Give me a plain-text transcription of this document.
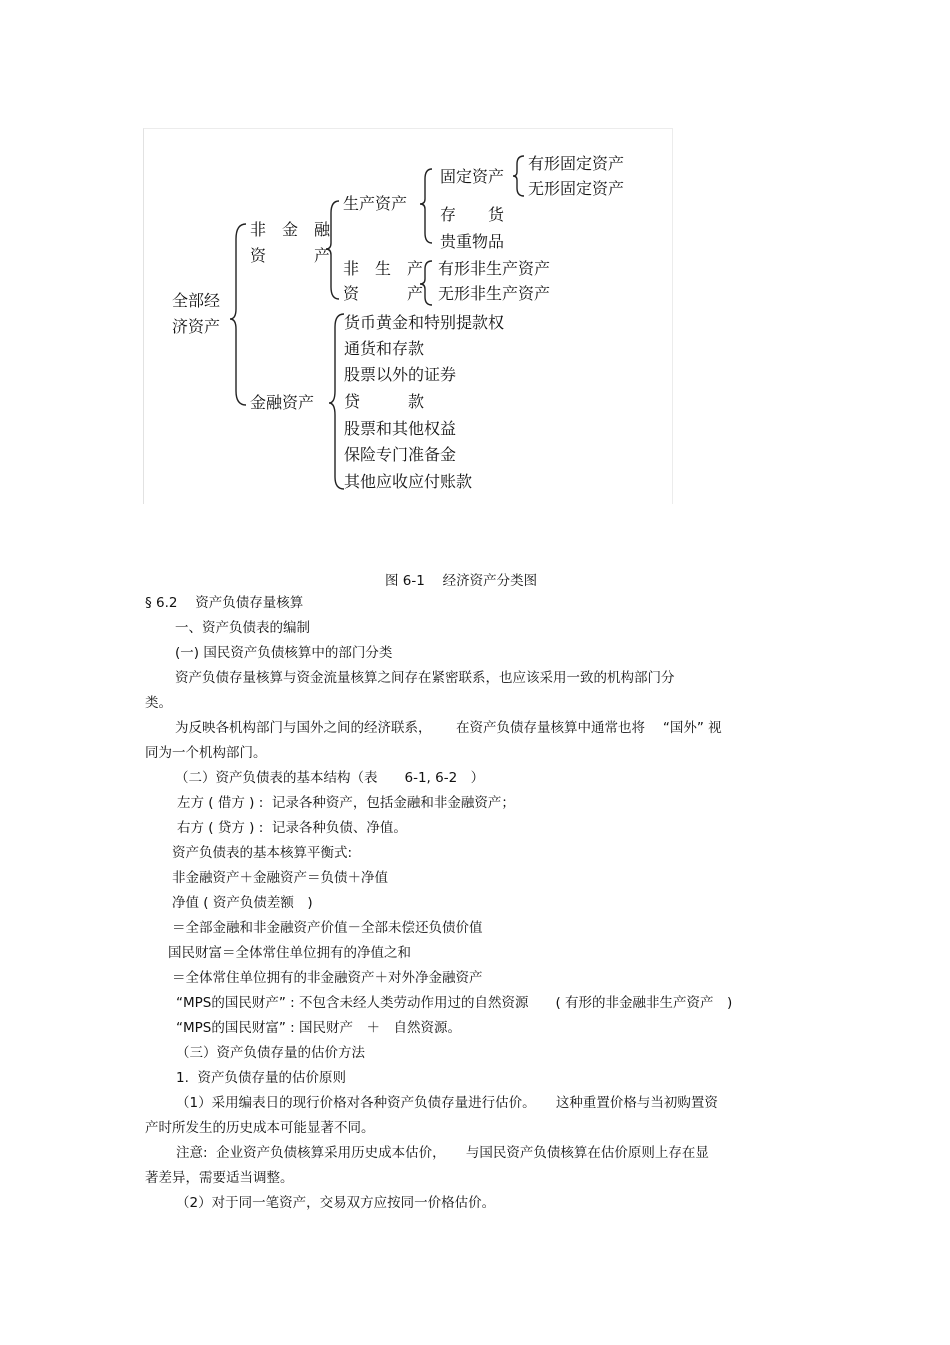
全部经
济资产
非　金　融
资　　　产
生产资产
固定资产
有形固定资产
无形固定资产
存　　货
贵重物品
非　生　产
资　　　产
有形非生产资产
无形非生产资产
金融资产
货币黄金和特别提款权
通货和存款
股票以外的证券
贷　　　款
股票和其他权益
保险专门准备金
其他应收应付账款
图 6-1　 经济资产分类图
§ 6.2　 资产负债存量核算
一、资产负债表的编制
(一) 国民资产负债核算中的部门分类
资产负债存量核算与资金流量核算之间存在紧密联系，也应该采用一致的机构部门分
类。
为反映各机构部门与国外之间的经济联系，　　 在资产负债存量核算中通常也将　 “国外” 视
同为一个机构部门。
（二）资产负债表的基本结构（表　　6-1, 6-2　）
左方 ( 借方 ) :  记录各种资产，包括金融和非金融资产；
右方 ( 贷方 ) :  记录各种负债、净值。
资产负债表的基本核算平衡式:
非金融资产＋金融资产＝负债＋净值
净值 ( 资产负债差额　)
＝全部金融和非金融资产价值－全部未偿还负债价值
国民财富＝全体常住单位拥有的净值之和
＝全体常住单位拥有的非金融资产＋对外净金融资产
“MPS的国民财产” : 不包含未经人类劳动作用过的自然资源　　( 有形的非金融非生产资产　)
“MPS的国民财富” : 国民财产　＋　自然资源。
（三）资产负债存量的估价方法
1.  资产负债存量的估价原则
（1）采用编表日的现行价格对各种资产负债存量进行估价。　　这种重置价格与当初购置资
产时所发生的历史成本可能显著不同。
注意:  企业资产负债核算采用历史成本估价，　　与国民资产负债核算在估价原则上存在显
著差异，需要适当调整。
（2）对于同一笔资产，交易双方应按同一价格估价。
